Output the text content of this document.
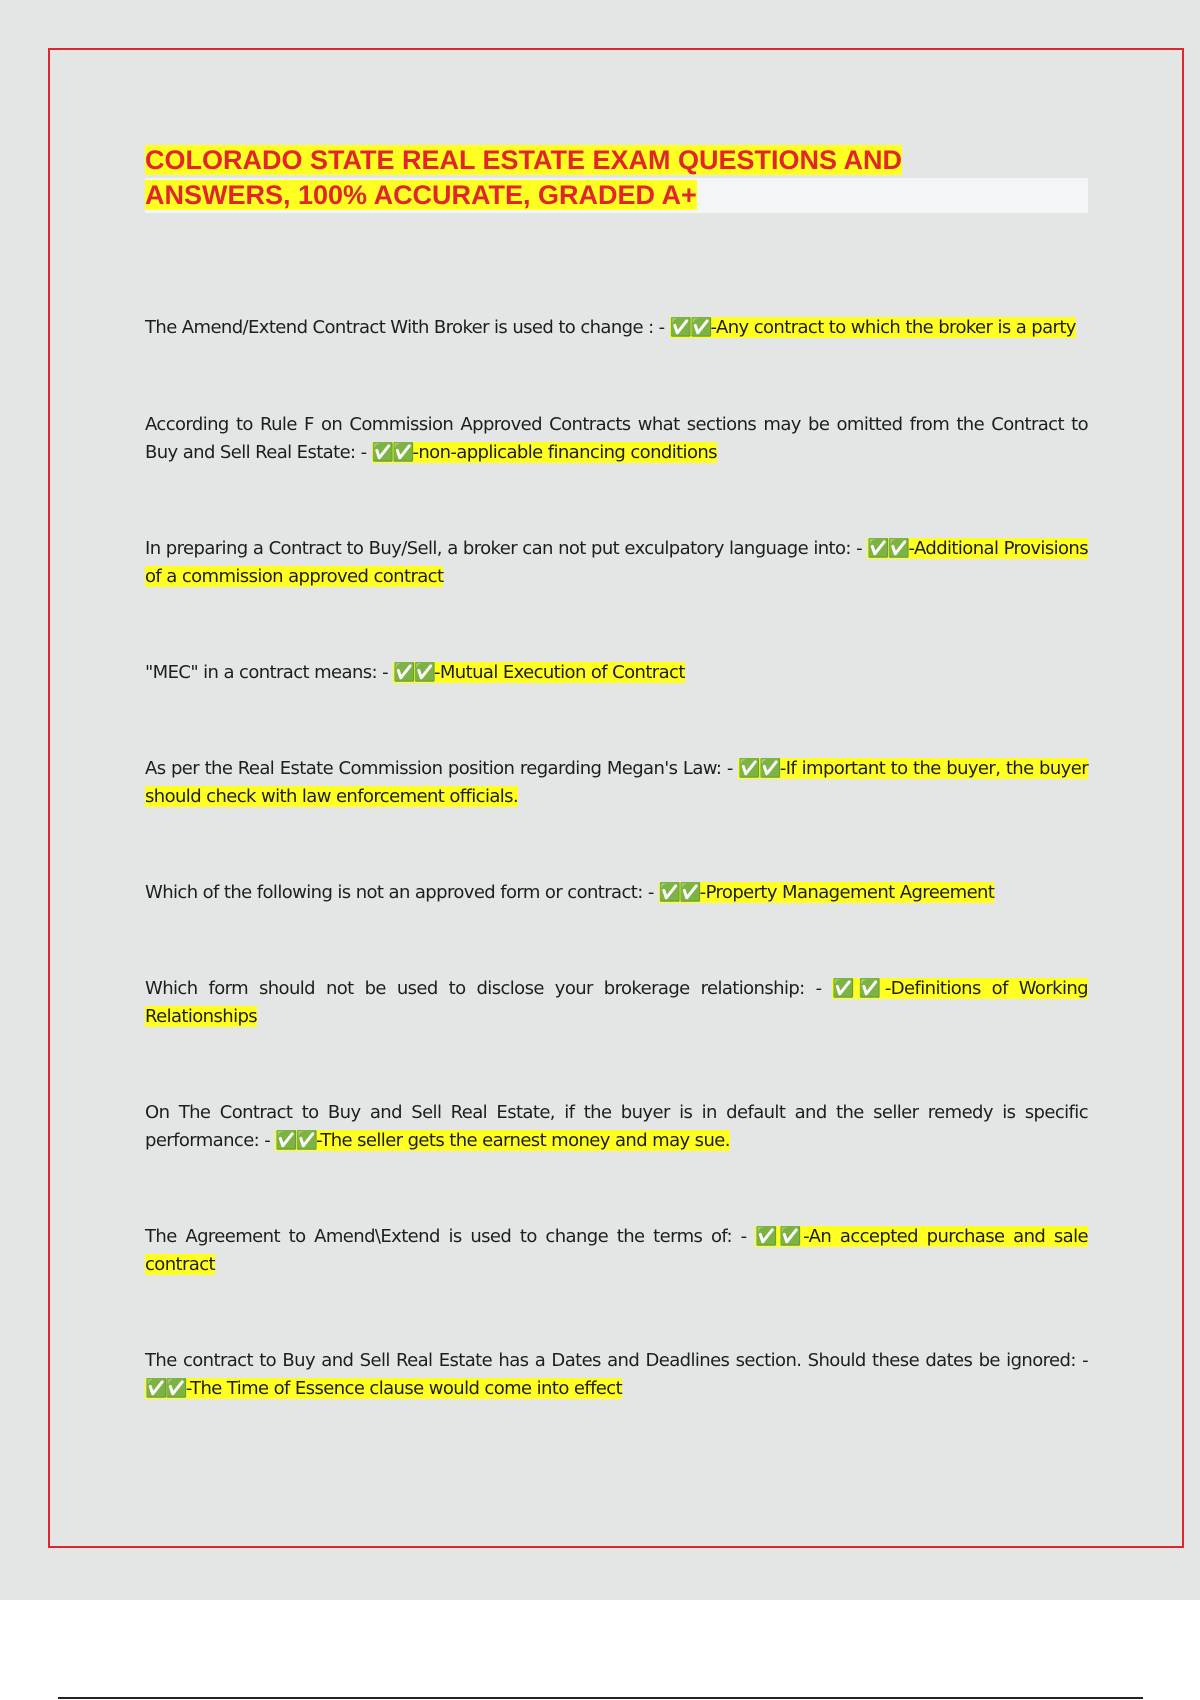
COLORADO STATE REAL ESTATE EXAM QUESTIONS AND
ANSWERS, 100% ACCURATE, GRADED A+

The Amend/Extend Contract With Broker is used to change : - ✅✅-Any contract to which the broker is a party

According to Rule F on Commission Approved Contracts what sections may be omitted from the Contract to Buy and Sell Real Estate: - ✅✅-non-applicable financing conditions

In preparing a Contract to Buy/Sell, a broker can not put exculpatory language into: - ✅✅-Additional Provisions of a commission approved contract

"MEC" in a contract means: - ✅✅-Mutual Execution of Contract

As per the Real Estate Commission position regarding Megan's Law: - ✅✅-If important to the buyer, the buyer should check with law enforcement officials.

Which of the following is not an approved form or contract: - ✅✅-Property Management Agreement

Which form should not be used to disclose your brokerage relationship: - ✅✅-Definitions of Working Relationships

On The Contract to Buy and Sell Real Estate, if the buyer is in default and the seller remedy is specific performance: - ✅✅-The seller gets the earnest money and may sue.

The Agreement to Amend\Extend is used to change the terms of: - ✅✅-An accepted purchase and sale contract

The contract to Buy and Sell Real Estate has a Dates and Deadlines section. Should these dates be ignored: - ✅✅-The Time of Essence clause would come into effect
